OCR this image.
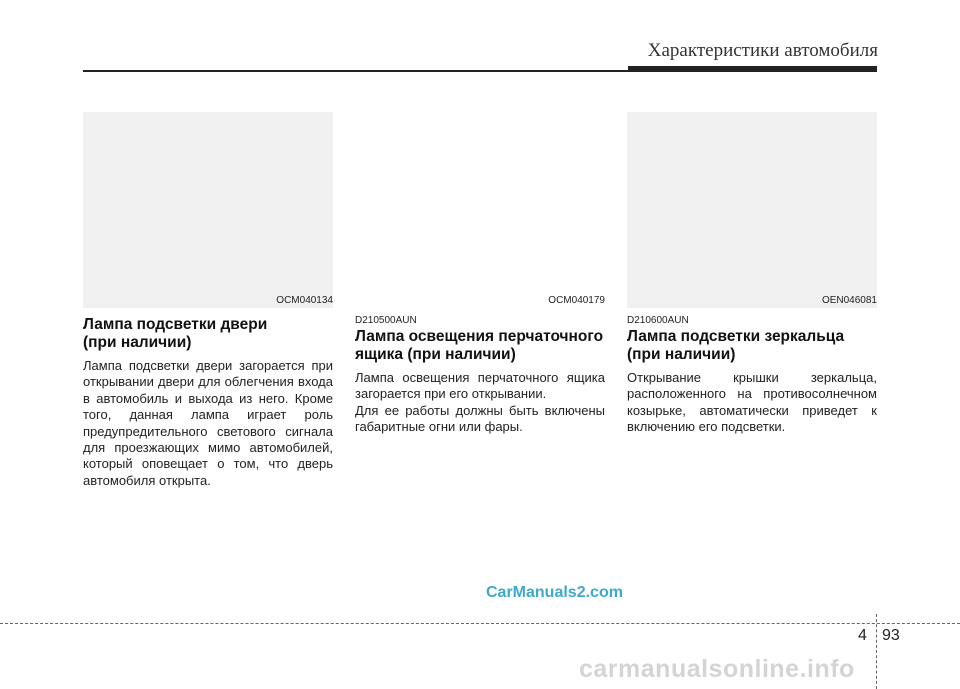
Характеристики автомобиля
OCM040134
Лампа подсветки двери
(при наличии)

Лампа подсветки двери загорается при открывании двери для облегчения входа в автомобиль и выхода из него. Кроме того, данная лампа играет роль предупредительного светового сигнала для проезжающих мимо автомобилей, который оповещает о том, что дверь автомобиля открыта.

OCM040179
D210500AUN
Лампа освещения перчаточного
ящика (при наличии)

Лампа освещения перчаточного ящика загорается при его открывании.

Для ее работы должны быть включены габаритные огни или фары.

OEN046081
D210600AUN
Лампа подсветки зеркальца
(при наличии)

Открывание крышки зеркальца, расположенного на противосолнечном козырьке, автоматически приведет к включению его подсветки.

CarManuals2.com
4 93
carmanualsonline.info
